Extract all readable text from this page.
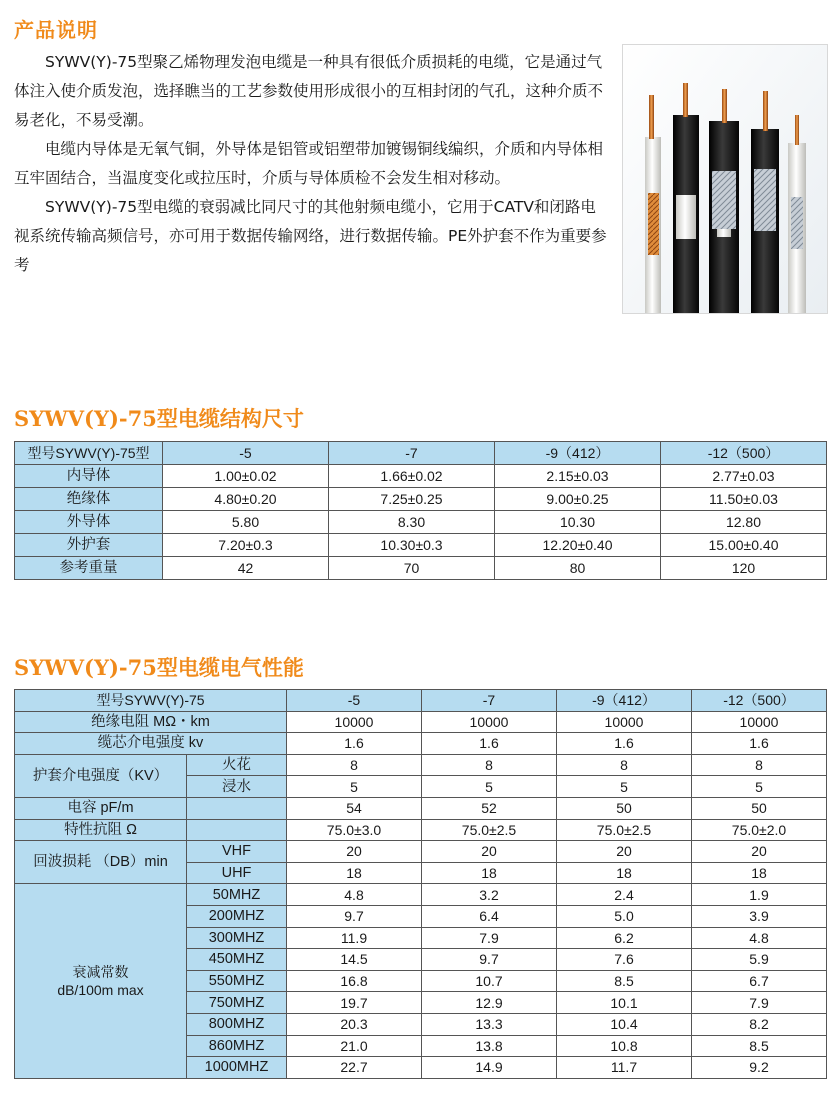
产品说明

　　SYWV(Y)-75型聚乙烯物理发泡电缆是一种具有很低介质损耗的电缆，它是通过气体注入使介质发泡，选择瞧当的工艺参数使用形成很小的互相封闭的气孔，这种介质不易老化，不易受潮。

　　电缆内导体是无氧气铜，外导体是铝管或铝塑带加镀锡铜线编织，介质和内导体相互牢固结合，当温度变化或拉压时，介质与导体质检不会发生相对移动。

　　SYWV(Y)-75型电缆的衰弱减比同尺寸的其他射频电缆小，它用于CATV和闭路电视系统传输高频信号，亦可用于数据传输网络，进行数据传输。PE外护套不作为重要参考

SYWV(Y)-75型电缆结构尺寸
型号SYWV(Y)-75型	-5	-7	-9（412）	-12（500）
内导体	1.00±0.02	1.66±0.02	2.15±0.03	2.77±0.03
绝缘体	4.80±0.20	7.25±0.25	9.00±0.25	11.50±0.03
外导体	5.80	8.30	10.30	12.80
外护套	7.20±0.3	10.30±0.3	12.20±0.40	15.00±0.40
参考重量	42	70	80	120
SYWV(Y)-75型电缆电气性能
型号SYWV(Y)-75		-5	-7	-9（412）	-12（500）
绝缘电阻 MΩ・km		10000	10000	10000	10000
缆芯介电强度 kv		1.6	1.6	1.6	1.6
护套介电强度（KV）	火花	8	8	8	8
	浸水	5	5	5	5
电容 pF/m		54	52	50	50
特性抗阻 Ω		75.0±3.0	75.0±2.5	75.0±2.5	75.0±2.0
回波损耗 （DB）min	VHF	20	20	20	20
	UHF	18	18	18	18

衰减常数
dB/100m max	50MHZ	4.8	3.2	2.4	1.9
	200MHZ	9.7	6.4	5.0	3.9
	300MHZ	11.9	7.9	6.2	4.8
	450MHZ	14.5	9.7	7.6	5.9
	550MHZ	16.8	10.7	8.5	6.7
	750MHZ	19.7	12.9	10.1	7.9
	800MHZ	20.3	13.3	10.4	8.2
	860MHZ	21.0	13.8	10.8	8.5
	1000MHZ	22.7	14.9	11.7	9.2
